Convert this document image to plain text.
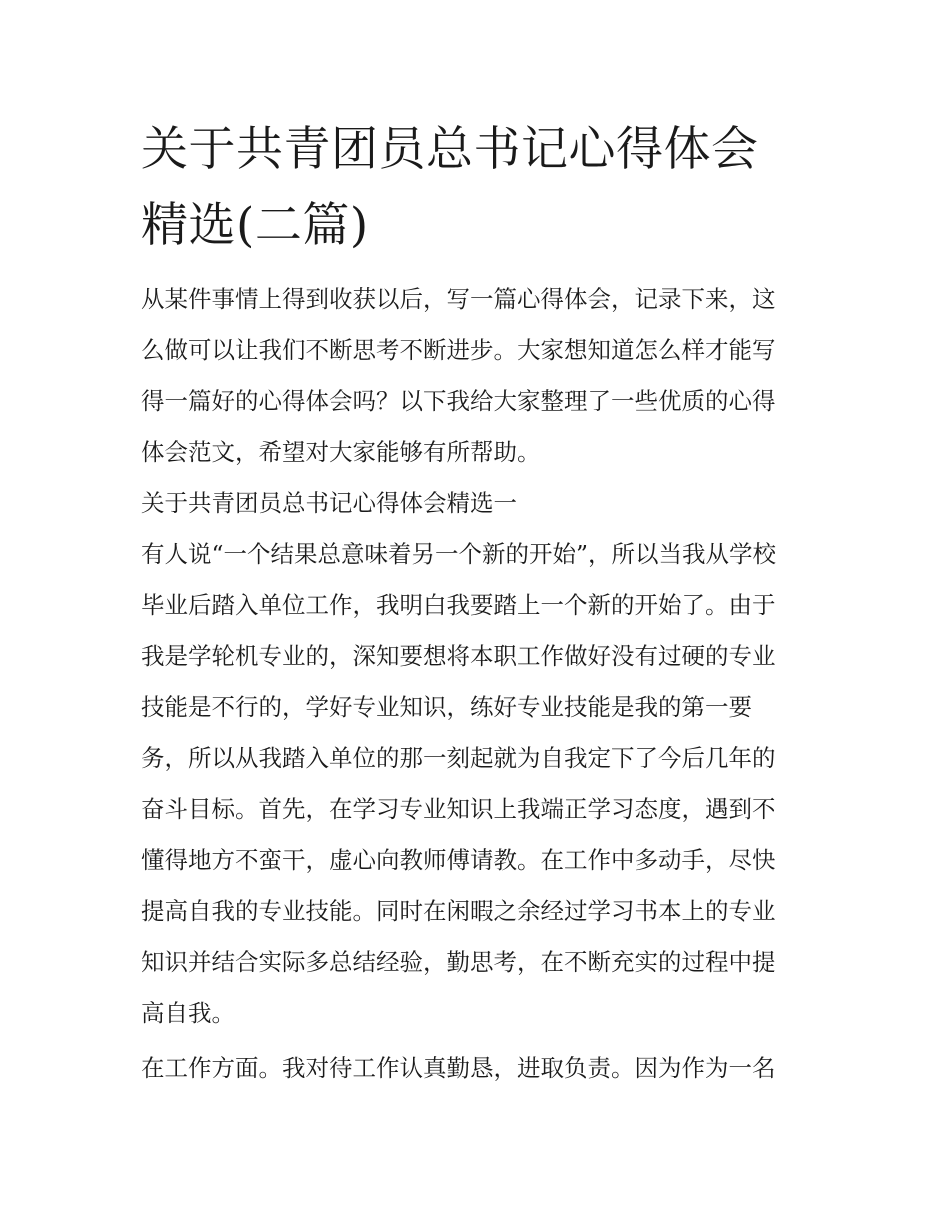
关于共青团员总书记心得体会
精选(二篇)

从某件事情上得到收获以后，写一篇心得体会，记录下来，这
么做可以让我们不断思考不断进步。大家想知道怎么样才能写
得一篇好的心得体会吗？以下我给大家整理了一些优质的心得
体会范文，希望对大家能够有所帮助。

关于共青团员总书记心得体会精选一

有人说“一个结果总意味着另一个新的开始”，所以当我从学校
毕业后踏入单位工作，我明白我要踏上一个新的开始了。由于
我是学轮机专业的，深知要想将本职工作做好没有过硬的专业
技能是不行的，学好专业知识，练好专业技能是我的第一要
务，所以从我踏入单位的那一刻起就为自我定下了今后几年的
奋斗目标。首先，在学习专业知识上我端正学习态度，遇到不
懂得地方不蛮干，虚心向教师傅请教。在工作中多动手，尽快
提高自我的专业技能。同时在闲暇之余经过学习书本上的专业
知识并结合实际多总结经验，勤思考，在不断充实的过程中提
高自我。

在工作方面。我对待工作认真勤恳，进取负责。因为作为一名
